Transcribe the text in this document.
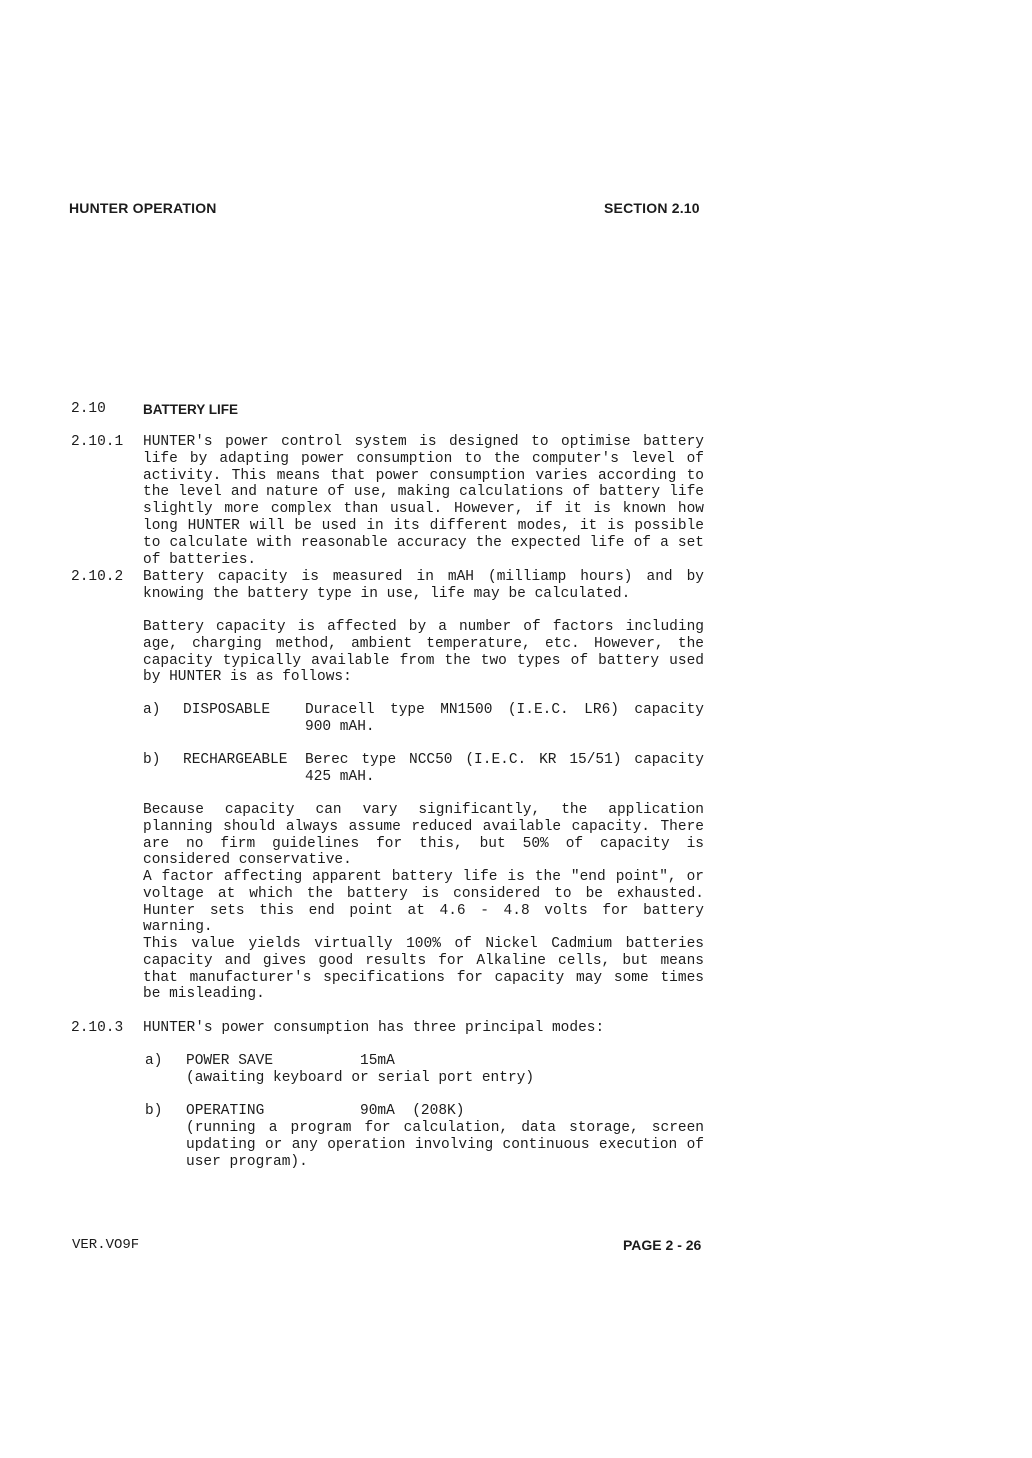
HUNTER OPERATION	SECTION 2.10
2.10	BATTERY LIFE
2.10.1 HUNTER's power control system is designed to optimise battery life by adapting power consumption to the computer's level of activity. This means that power consumption varies according to the level and nature of use, making calculations of battery life slightly more complex than usual. However, if it is known how long HUNTER will be used in its different modes, it is possible to calculate with reasonable accuracy the expected life of a set of batteries.

2.10.2 Battery capacity is measured in mAH (milliamp hours) and by knowing the battery type in use, life may be calculated.

Battery capacity is affected by a number of factors including age, charging method, ambient temperature, etc. However, the capacity typically available from the two types of battery used by HUNTER is as follows:

a) DISPOSABLE Duracell type MN1500 (I.E.C. LR6) capacity 900 mAH.

b) RECHARGEABLE Berec type NCC50 (I.E.C. KR 15/51) capacity 425 mAH.

Because capacity can vary significantly, the application planning should always assume reduced available capacity. There are no firm guidelines for this, but 50% of capacity is considered conservative.

A factor affecting apparent battery life is the "end point", or voltage at which the battery is considered to be exhausted. Hunter sets this end point at 4.6 - 4.8 volts for battery warning.

This value yields virtually 100% of Nickel Cadmium batteries capacity and gives good results for Alkaline cells, but means that manufacturer's specifications for capacity may some times be misleading.

2.10.3 HUNTER's power consumption has three principal modes:

a) POWER SAVE	15mA

(awaiting keyboard or serial port entry)

b) OPERATING	90mA  (208K)

(running a program for calculation, data storage, screen updating or any operation involving continuous execution of user program).

VER.VO9F	PAGE 2 - 26
